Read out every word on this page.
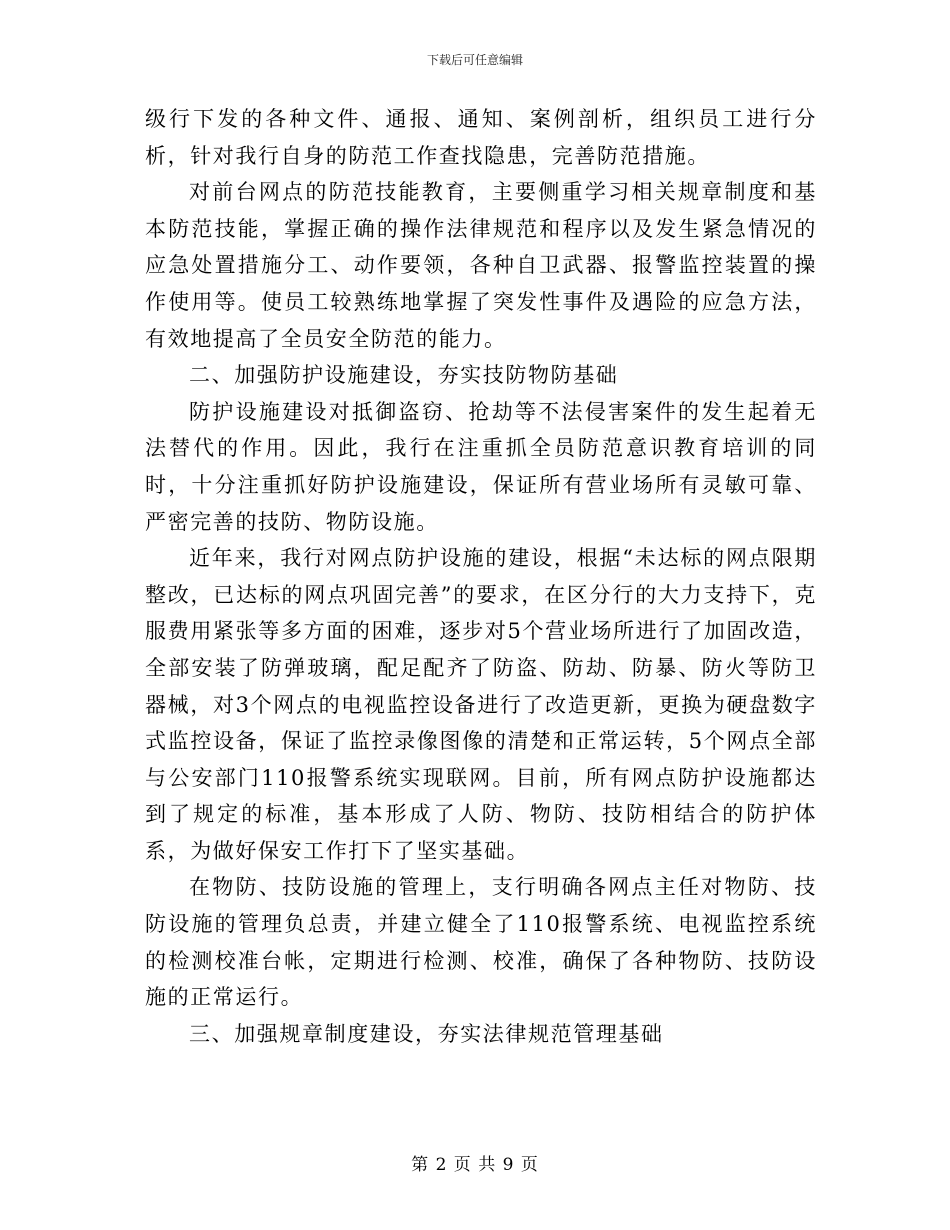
下载后可任意编辑

级行下发的各种文件、通报、通知、案例剖析，组织员工进行分析，针对我行自身的防范工作查找隐患，完善防范措施。

对前台网点的防范技能教育，主要侧重学习相关规章制度和基本防范技能，掌握正确的操作法律规范和程序以及发生紧急情况的应急处置措施分工、动作要领，各种自卫武器、报警监控装置的操作使用等。使员工较熟练地掌握了突发性事件及遇险的应急方法，有效地提高了全员安全防范的能力。

二、加强防护设施建设，夯实技防物防基础

防护设施建设对抵御盗窃、抢劫等不法侵害案件的发生起着无法替代的作用。因此，我行在注重抓全员防范意识教育培训的同时，十分注重抓好防护设施建设，保证所有营业场所有灵敏可靠、严密完善的技防、物防设施。

近年来，我行对网点防护设施的建设，根据“未达标的网点限期整改，已达标的网点巩固完善”的要求，在区分行的大力支持下，克服费用紧张等多方面的困难，逐步对5个营业场所进行了加固改造，全部安装了防弹玻璃，配足配齐了防盗、防劫、防暴、防火等防卫器械，对3个网点的电视监控设备进行了改造更新，更换为硬盘数字式监控设备，保证了监控录像图像的清楚和正常运转，5个网点全部与公安部门110报警系统实现联网。目前，所有网点防护设施都达到了规定的标准，基本形成了人防、物防、技防相结合的防护体系，为做好保安工作打下了坚实基础。

在物防、技防设施的管理上，支行明确各网点主任对物防、技防设施的管理负总责，并建立健全了110报警系统、电视监控系统的检测校准台帐，定期进行检测、校准，确保了各种物防、技防设施的正常运行。

三、加强规章制度建设，夯实法律规范管理基础

第 2 页 共 9 页
